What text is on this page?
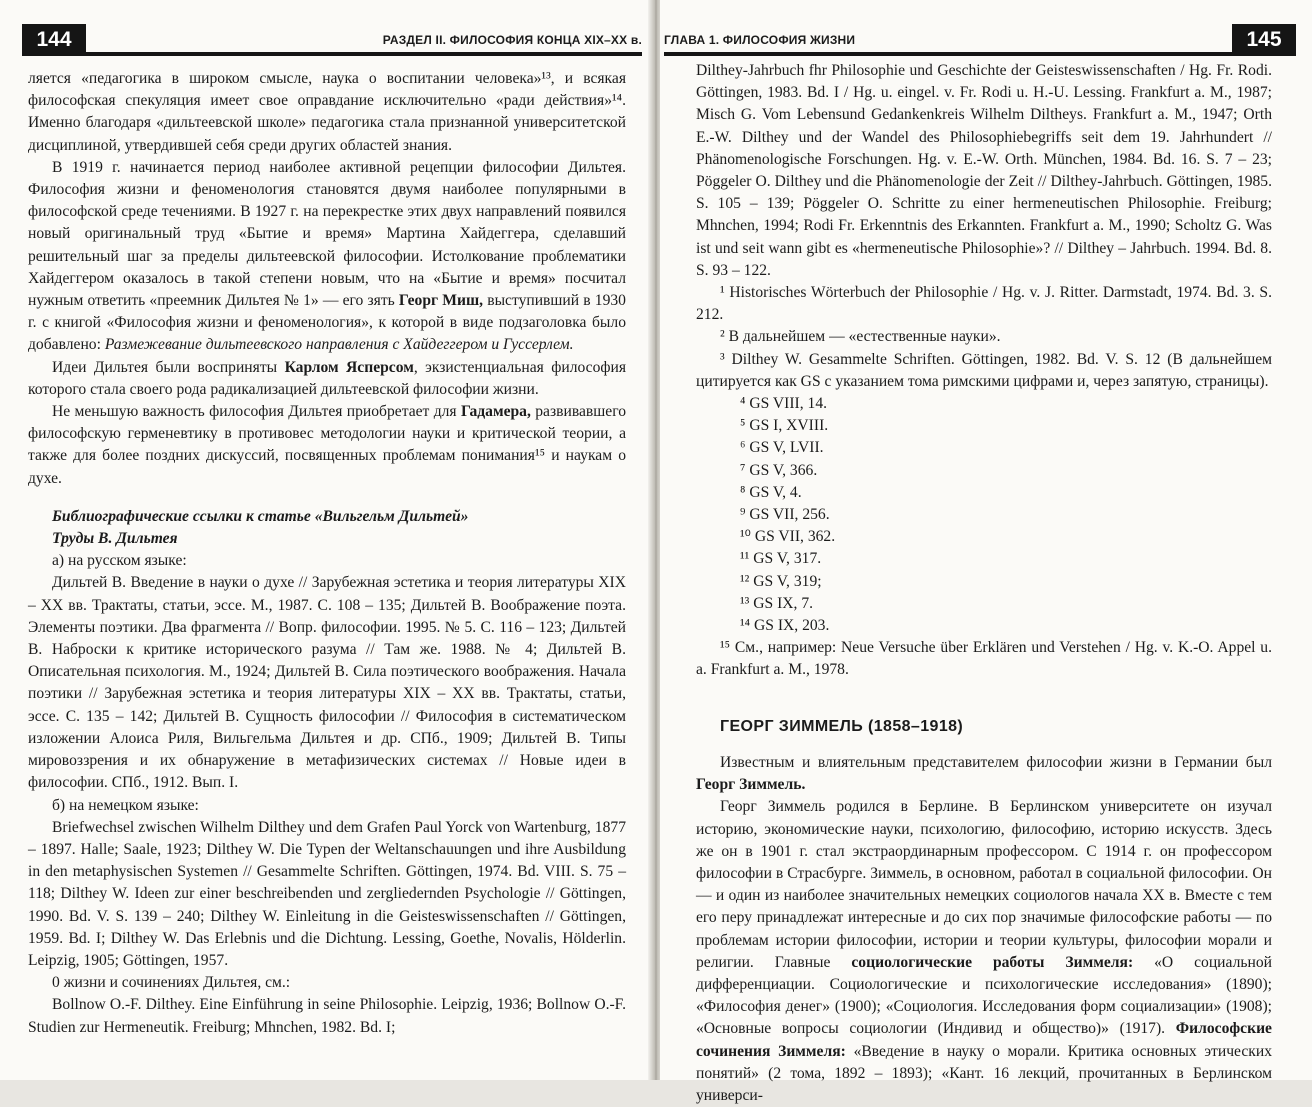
144	РАЗДЕЛ II. ФИЛОСОФИЯ КОНЦА XIX–XX в.

ляется «педагогика в широком смысле, наука о воспитании человека»¹³, и всякая философская спекуляция имеет свое оправдание исключительно «ради действия»¹⁴. Именно благодаря «дильтеевской школе» педагогика стала признанной университетской дисциплиной, утвердившей себя среди других областей знания.

В 1919 г. начинается период наиболее активной рецепции философии Дильтея. Философия жизни и феноменология становятся двумя наиболее популярными в философской среде течениями. В 1927 г. на перекрестке этих двух направлений появился новый оригинальный труд «Бытие и время» Мартина Хайдеггера, сделавший решительный шаг за пределы дильтеевской философии. Истолкование проблематики Хайдеггером оказалось в такой степени новым, что на «Бытие и время» посчитал нужным ответить «преемник Дильтея № 1» — его зять Георг Миш, выступивший в 1930 г. с книгой «Философия жизни и феноменология», к которой в виде подзаголовка было добавлено: Размежевание дильтеевского направления с Хайдеггером и Гуссерлем.

Идеи Дильтея были восприняты Карлом Ясперсом, экзистенциальная философия которого стала своего рода радикализацией дильтеевской философии жизни.

Не меньшую важность философия Дильтея приобретает для Гадамера, развивавшего философскую герменевтику в противовес методологии науки и критической теории, а также для более поздних дискуссий, посвященных проблемам понимания¹⁵ и наукам о духе.

Библиографические ссылки к статье «Вильгельм Дильтей»

Труды В. Дильтея

а) на русском языке:

Дильтей В. Введение в науки о духе // Зарубежная эстетика и теория литературы XIX – XX вв. Трактаты, статьи, эссе. М., 1987. С. 108 – 135; Дильтей В. Воображение поэта. Элементы поэтики. Два фрагмента // Вопр. философии. 1995. № 5. С. 116 – 123; Дильтей В. Наброски к критике исторического разума // Там же. 1988. № 4; Дильтей В. Описательная психология. М., 1924; Дильтей В. Сила поэтического воображения. Начала поэтики // Зарубежная эстетика и теория литературы XIX – XX вв. Трактаты, статьи, эссе. С. 135 – 142; Дильтей В. Сущность философии // Философия в систематическом изложении Алоиса Риля, Вильгельма Дильтея и др. СПб., 1909; Дильтей В. Типы мировоззрения и их обнаружение в метафизических системах // Новые идеи в философии. СПб., 1912. Вып. I.

б) на немецком языке:

Briefwechsel zwischen Wilhelm Dilthey und dem Grafen Paul Yorck von Wartenburg, 1877 – 1897. Halle; Saale, 1923; Dilthey W. Die Typen der Weltanschauungen und ihre Ausbildung in den metaphysischen Systemen // Gesammelte Schriften. Göttingen, 1974. Bd. VIII. S. 75 – 118; Dilthey W. Ideen zur einer beschreibenden und zergliedernden Psychologie // Göttingen, 1990. Bd. V. S. 139 – 240; Dilthey W. Einleitung in die Geisteswissenschaften // Göttingen, 1959. Bd. I; Dilthey W. Das Erlebnis und die Dichtung. Lessing, Goethe, Novalis, Hölderlin. Leipzig, 1905; Göttingen, 1957.

0 жизни и сочинениях Дильтея, см.:

Bollnow O.-F. Dilthey. Eine Einführung in seine Philosophie. Leipzig, 1936; Bollnow O.-F. Studien zur Hermeneutik. Freiburg; Mhnchen, 1982. Bd. I;

ГЛАВА 1. ФИЛОСОФИЯ ЖИЗНИ	145

Dilthey-Jahrbuch fhr Philosophie und Geschichte der Geisteswissenschaften / Hg. Fr. Rodi. Göttingen, 1983. Bd. I / Hg. u. eingel. v. Fr. Rodi u. H.-U. Lessing. Frankfurt a. M., 1987; Misch G. Vom Lebensund Gedankenkreis Wilhelm Diltheys. Frankfurt a. M., 1947; Orth E.-W. Dilthey und der Wandel des Philosophiebegriffs seit dem 19. Jahrhundert // Phänomenologische Forschungen. Hg. v. E.-W. Orth. München, 1984. Bd. 16. S. 7 – 23; Pöggeler O. Dilthey und die Phänomenologie der Zeit // Dilthey-Jahrbuch. Göttingen, 1985. S. 105 – 139; Pöggeler O. Schritte zu einer hermeneutischen Philosophie. Freiburg; Mhnchen, 1994; Rodi Fr. Erkenntnis des Erkannten. Frankfurt a. M., 1990; Scholtz G. Was ist und seit wann gibt es «hermeneutische Philosophie»? // Dilthey – Jahrbuch. 1994. Bd. 8. S. 93 – 122.

¹ Historisches Wörterbuch der Philosophie / Hg. v. J. Ritter. Darmstadt, 1974. Bd. 3. S. 212.

² В дальнейшем — «естественные науки».

³ Dilthey W. Gesammelte Schriften. Göttingen, 1982. Bd. V. S. 12 (В дальнейшем цитируется как GS с указанием тома римскими цифрами и, через запятую, страницы).

⁴ GS VIII, 14.

⁵ GS I, XVIII.

⁶ GS V, LVII.

⁷ GS V, 366.

⁸ GS V, 4.

⁹ GS VII, 256.

¹⁰ GS VII, 362.

¹¹ GS V, 317.

¹² GS V, 319;

¹³ GS IX, 7.

¹⁴ GS IX, 203.

¹⁵ См., например: Neue Versuche über Erklären und Verstehen / Hg. v. K.-O. Appel u. a. Frankfurt a. M., 1978.

ГЕОРГ ЗИММЕЛЬ (1858–1918)

Известным и влиятельным представителем философии жизни в Германии был Георг Зиммель.

Георг Зиммель родился в Берлине. В Берлинском университете он изучал историю, экономические науки, психологию, философию, историю искусств. Здесь же он в 1901 г. стал экстраординарным профессором. С 1914 г. он профессором философии в Страсбурге. Зиммель, в основном, работал в социальной философии. Он — и один из наиболее значительных немецких социологов начала XX в. Вместе с тем его перу принадлежат интересные и до сих пор значимые философские работы — по проблемам истории философии, истории и теории культуры, философии морали и религии. Главные социологические работы Зиммеля: «О социальной дифференциации. Социологические и психологические исследования» (1890); «Философия денег» (1900); «Социология. Исследования форм социализации» (1908); «Основные вопросы социологии (Индивид и общество)» (1917). Философские сочинения Зиммеля: «Введение в науку о морали. Критика основных этических понятий» (2 тома, 1892 – 1893); «Кант. 16 лекций, прочитанных в Берлинском универси-
